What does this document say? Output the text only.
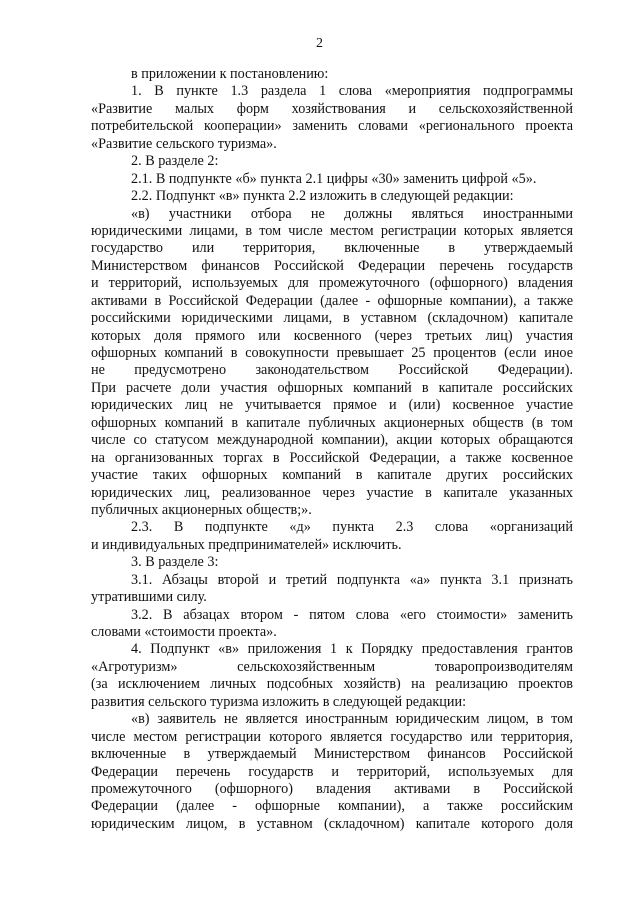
2
в приложении к постановлению:
1. В пункте 1.3 раздела 1 слова «мероприятия подпрограммы
«Развитие малых форм хозяйствования и сельскохозяйственной
потребительской кооперации» заменить словами «регионального проекта
«Развитие сельского туризма».
2. В разделе 2:
2.1. В подпункте «б» пункта 2.1 цифры «30» заменить цифрой «5».
2.2. Подпункт «в» пункта 2.2 изложить в следующей редакции:
«в) участники отбора не должны являться иностранными
юридическими лицами, в том числе местом регистрации которых является
государство или территория, включенные в утверждаемый
Министерством финансов Российской Федерации перечень государств
и территорий, используемых для промежуточного (офшорного) владения
активами в Российской Федерации (далее - офшорные компании), а также
российскими юридическими лицами, в уставном (складочном) капитале
которых доля прямого или косвенного (через третьих лиц) участия
офшорных компаний в совокупности превышает 25 процентов (если иное
не предусмотрено законодательством Российской Федерации).
При расчете доли участия офшорных компаний в капитале российских
юридических лиц не учитывается прямое и (или) косвенное участие
офшорных компаний в капитале публичных акционерных обществ (в том
числе со статусом международной компании), акции которых обращаются
на организованных торгах в Российской Федерации, а также косвенное
участие таких офшорных компаний в капитале других российских
юридических лиц, реализованное через участие в капитале указанных
публичных акционерных обществ;».
2.3. В подпункте «д» пункта 2.3 слова «организаций
и индивидуальных предпринимателей» исключить.
3. В разделе 3:
3.1. Абзацы второй и третий подпункта «а» пункта 3.1 признать
утратившими силу.
3.2. В абзацах втором - пятом слова «его стоимости» заменить
словами «стоимости проекта».
4. Подпункт «в» приложения 1 к Порядку предоставления грантов
«Агротуризм» сельскохозяйственным товаропроизводителям
(за исключением личных подсобных хозяйств) на реализацию проектов
развития сельского туризма изложить в следующей редакции:
«в) заявитель не является иностранным юридическим лицом, в том
числе местом регистрации которого является государство или территория,
включенные в утверждаемый Министерством финансов Российской
Федерации перечень государств и территорий, используемых для
промежуточного (офшорного) владения активами в Российской
Федерации (далее - офшорные компании), а также российским
юридическим лицом, в уставном (складочном) капитале которого доля
